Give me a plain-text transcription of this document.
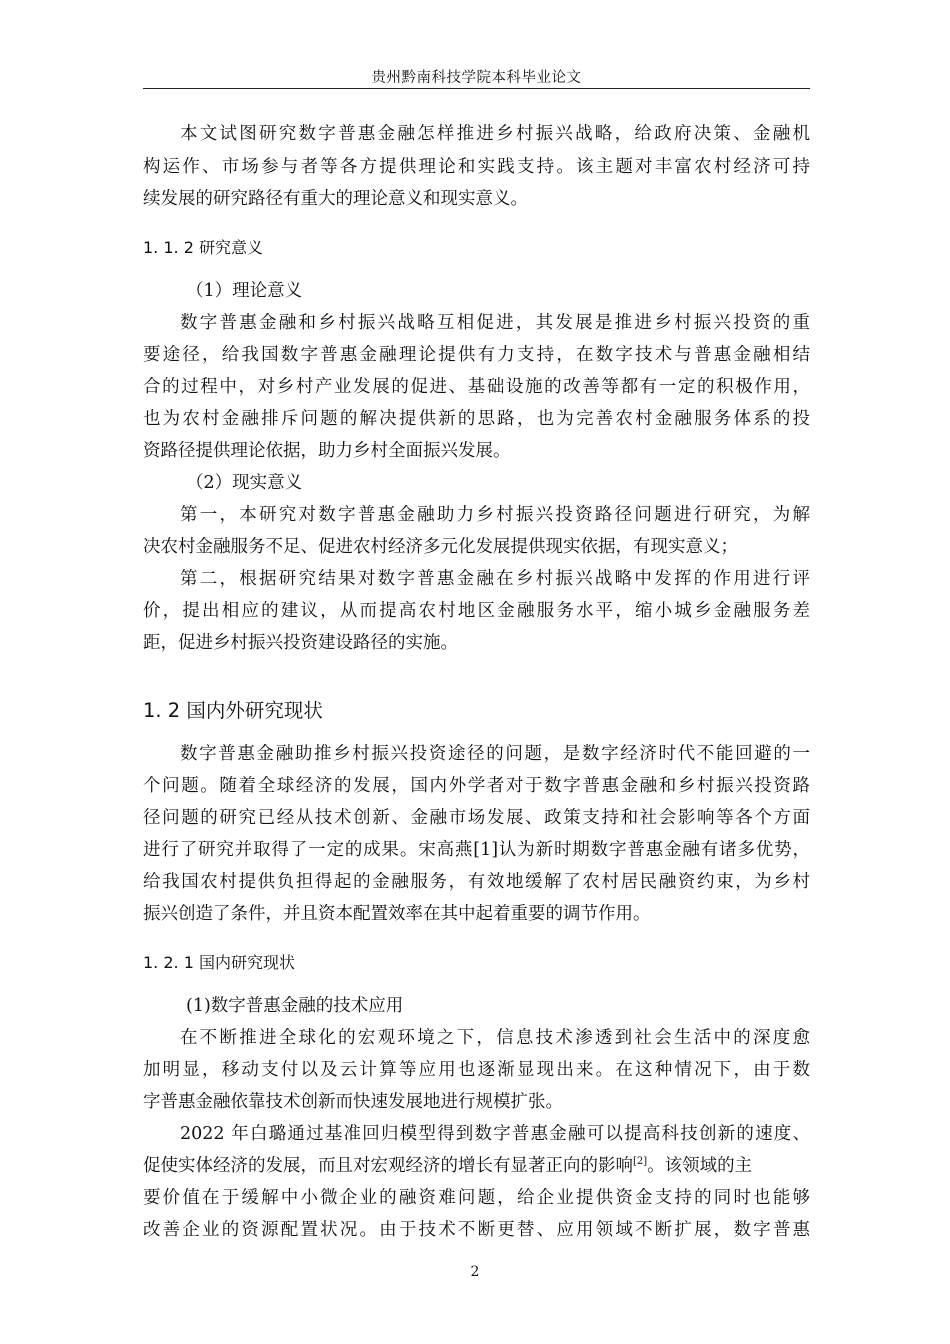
贵州黔南科技学院本科毕业论文
本文试图研究数字普惠金融怎样推进乡村振兴战略，给政府决策、金融机
构运作、市场参与者等各方提供理论和实践支持。该主题对丰富农村经济可持
续发展的研究路径有重大的理论意义和现实意义。
1. 1. 2 研究意义
（1）理论意义
数字普惠金融和乡村振兴战略互相促进，其发展是推进乡村振兴投资的重
要途径，给我国数字普惠金融理论提供有力支持，在数字技术与普惠金融相结
合的过程中，对乡村产业发展的促进、基础设施的改善等都有一定的积极作用，
也为农村金融排斥问题的解决提供新的思路，也为完善农村金融服务体系的投
资路径提供理论依据，助力乡村全面振兴发展。
（2）现实意义
第一，本研究对数字普惠金融助力乡村振兴投资路径问题进行研究，为解
决农村金融服务不足、促进农村经济多元化发展提供现实依据，有现实意义；
第二，根据研究结果对数字普惠金融在乡村振兴战略中发挥的作用进行评
价，提出相应的建议，从而提高农村地区金融服务水平，缩小城乡金融服务差
距，促进乡村振兴投资建设路径的实施。
1. 2 国内外研究现状
数字普惠金融助推乡村振兴投资途径的问题，是数字经济时代不能回避的一
个问题。随着全球经济的发展，国内外学者对于数字普惠金融和乡村振兴投资路
径问题的研究已经从技术创新、金融市场发展、政策支持和社会影响等各个方面
进行了研究并取得了一定的成果。宋高燕[1]认为新时期数字普惠金融有诸多优势，
给我国农村提供负担得起的金融服务，有效地缓解了农村居民融资约束，为乡村
振兴创造了条件，并且资本配置效率在其中起着重要的调节作用。
1. 2. 1 国内研究现状
(1)数字普惠金融的技术应用
在不断推进全球化的宏观环境之下，信息技术渗透到社会生活中的深度愈
加明显，移动支付以及云计算等应用也逐渐显现出来。在这种情况下，由于数
字普惠金融依靠技术创新而快速发展地进行规模扩张。
2022 年白璐通过基准回归模型得到数字普惠金融可以提高科技创新的速度、
促使实体经济的发展，而且对宏观经济的增长有显著正向的影响[2]。该领域的主
要价值在于缓解中小微企业的融资难问题，给企业提供资金支持的同时也能够
改善企业的资源配置状况。由于技术不断更替、应用领域不断扩展，数字普惠
2
